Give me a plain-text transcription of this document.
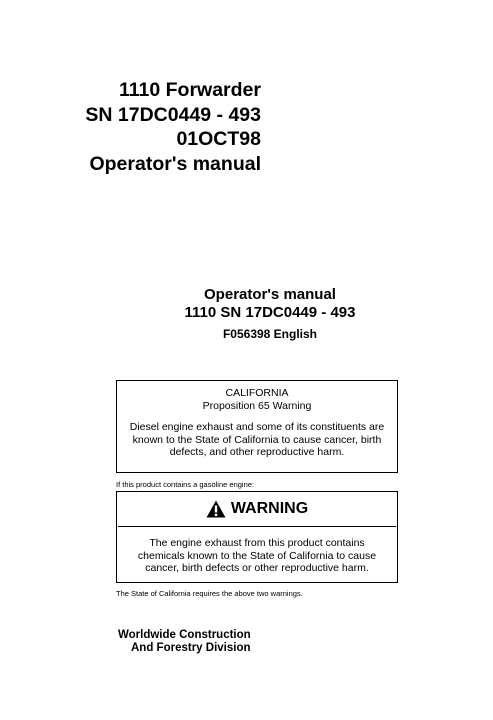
1110 Forwarder
SN 17DC0449 - 493
01OCT98
Operator's manual
Operator's manual
1110 SN 17DC0449 - 493
F056398 English
CALIFORNIA
Proposition 65 Warning
Diesel engine exhaust and some of its constituents are known to the State of California to cause cancer, birth defects, and other reproductive harm.
If this product contains a gasoline engine:
WARNING
The engine exhaust from this product contains chemicals known to the State of California to cause cancer, birth defects or other reproductive harm.
The State of California requires the above two warnings.
Worldwide Construction
And Forestry Division
